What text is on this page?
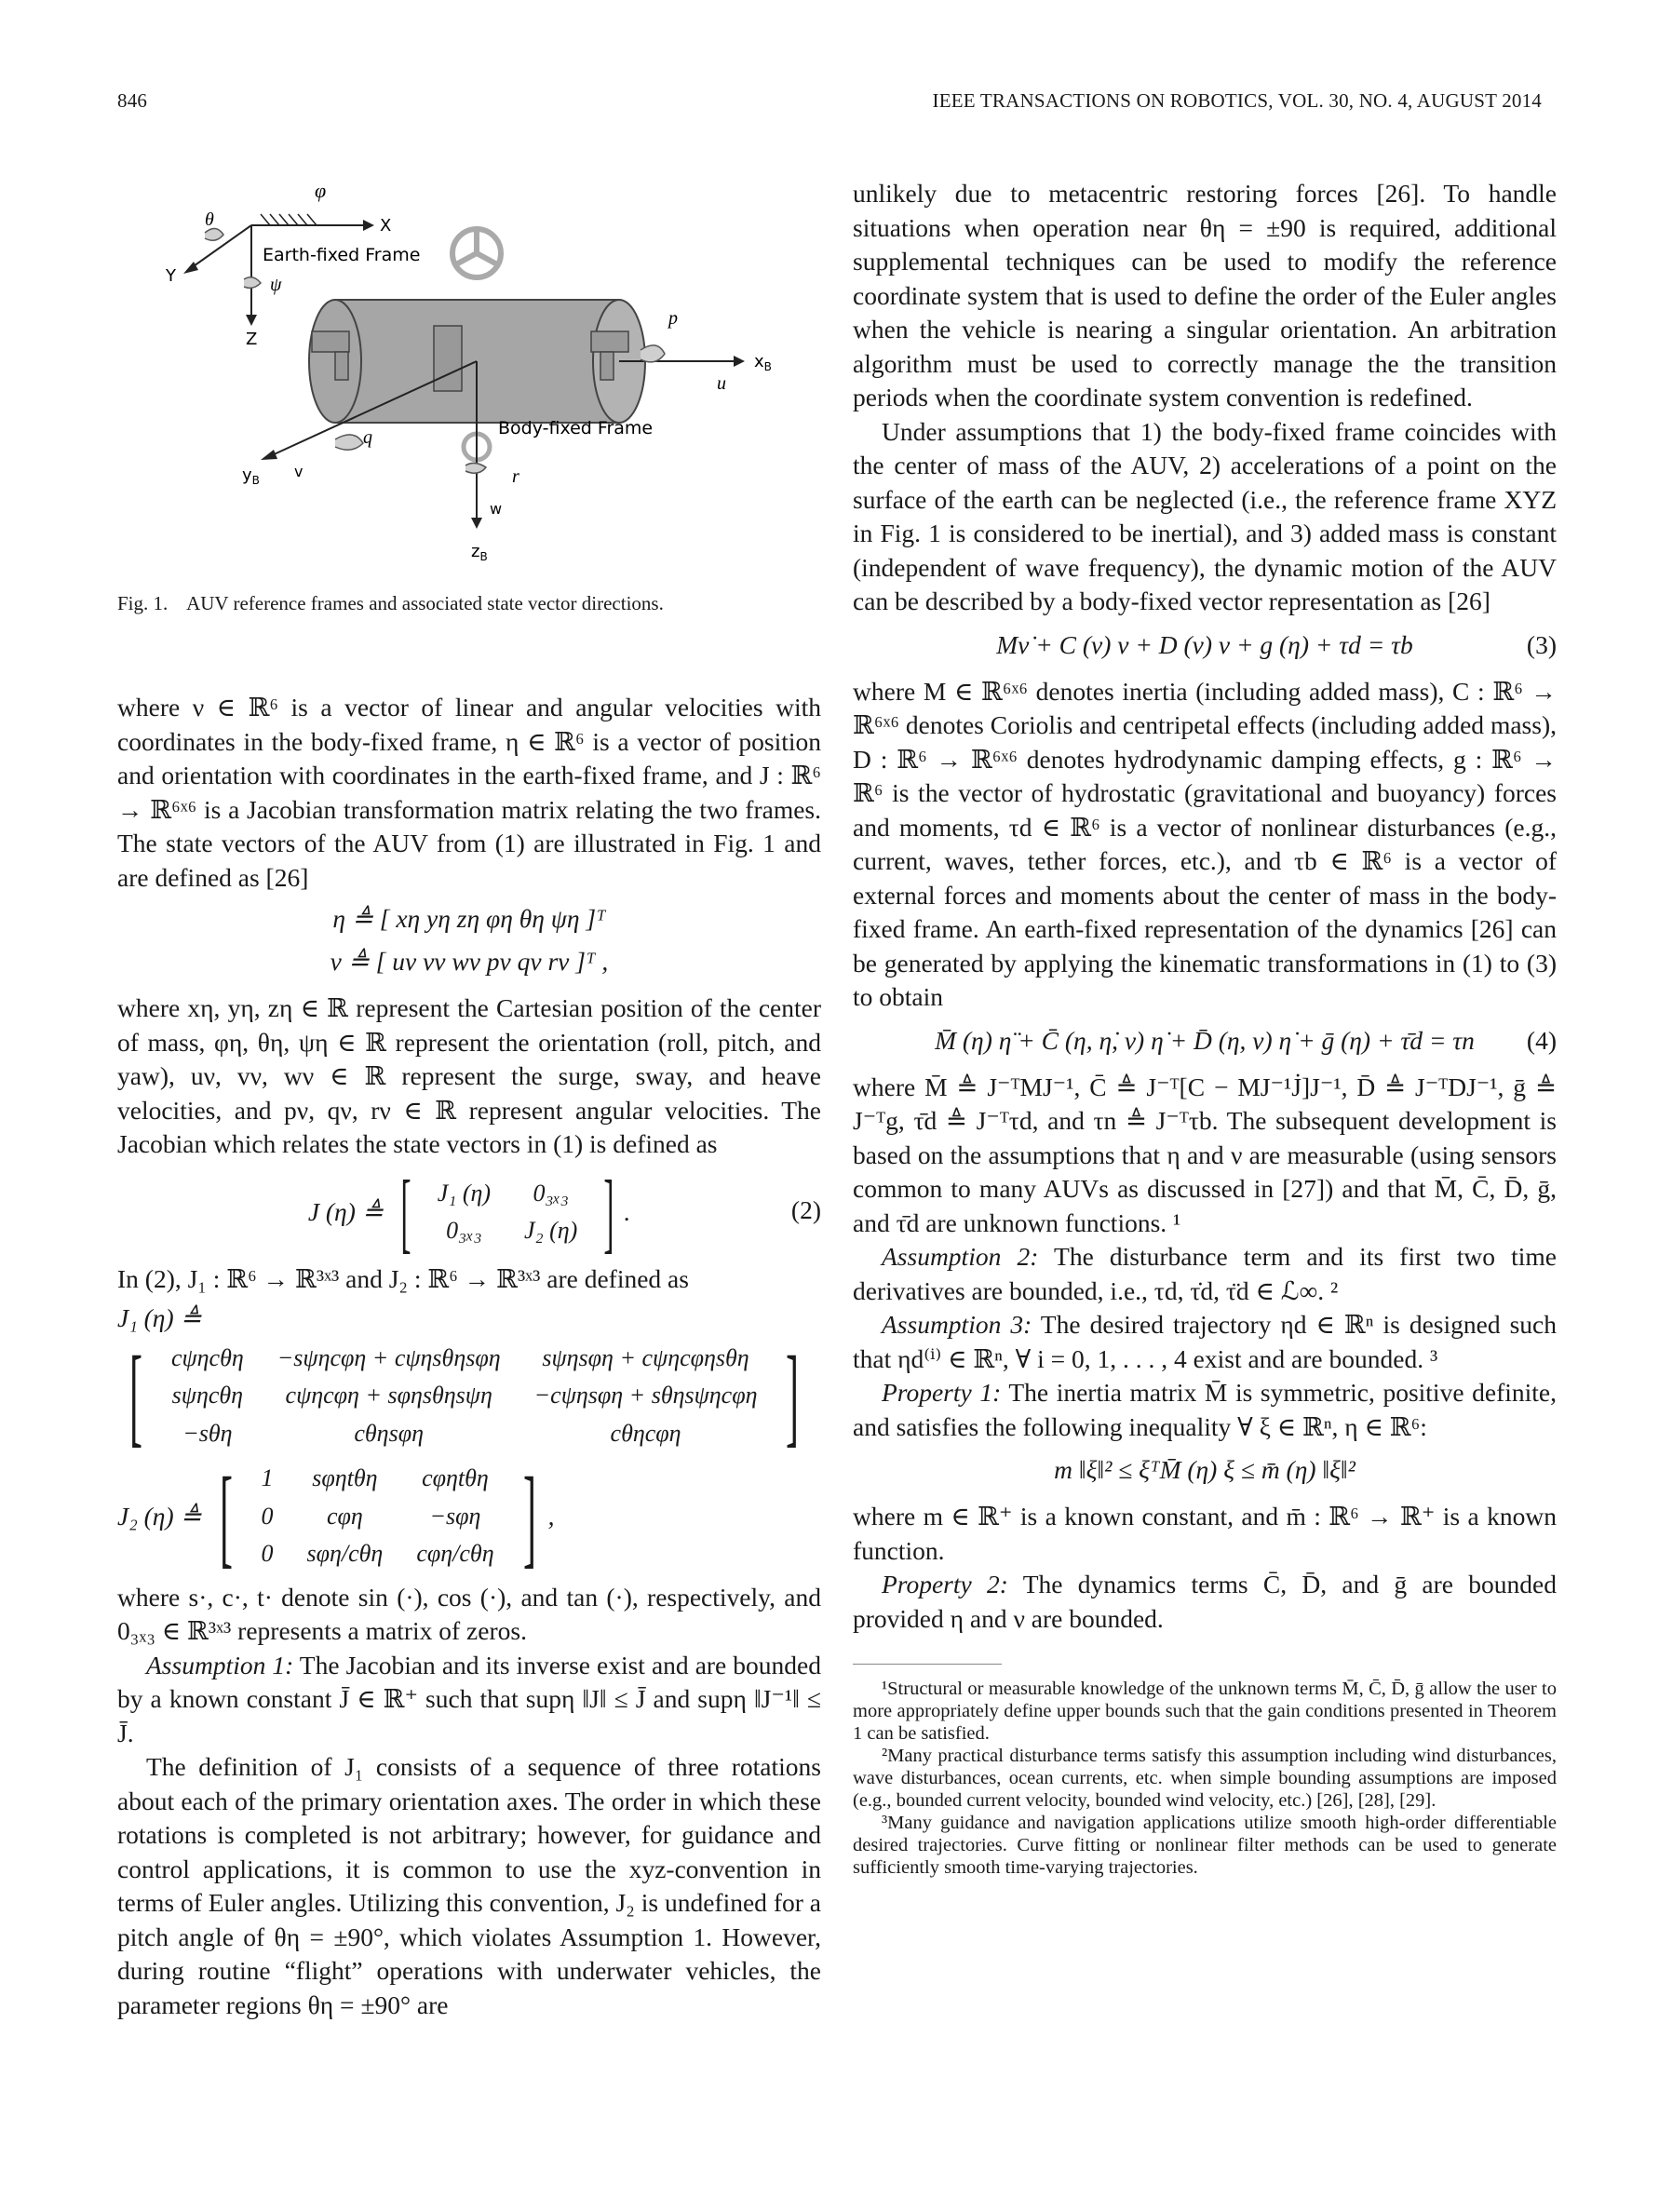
846	IEEE TRANSACTIONS ON ROBOTICS, VOL. 30, NO. 4, AUGUST 2014
φ
θ
ψ
X
Y
Z
Earth-fixed Frame
p
u
$x_B$
q
v
$y_B$	r
w
$z_B$
Body-fixed Frame
Fig. 1.    AUV reference frames and associated state vector directions.

where ν ∈ ℝ⁶ is a vector of linear and angular velocities with coordinates in the body-fixed frame, η ∈ ℝ⁶ is a vector of position and orientation with coordinates in the earth-fixed frame, and J : ℝ⁶ → ℝ⁶ˣ⁶ is a Jacobian transformation matrix relating the two frames. The state vectors of the AUV from (1) are illustrated in Fig. 1 and are defined as [26]

η ≜ [ xη yη zη φη θη ψη ]ᵀ
ν ≜ [ uν vν wν pν qν rν ]ᵀ ,

where xη, yη, zη ∈ ℝ represent the Cartesian position of the center of mass, φη, θη, ψη ∈ ℝ represent the orientation (roll, pitch, and yaw), uν, vν, wν ∈ ℝ represent the surge, sway, and heave velocities, and pν, qν, rν ∈ ℝ represent angular velocities. The Jacobian which relates the state vectors in (1) is defined as

J (η) ≜ [ J₁ (η)	0₃ₓ₃
0₃ₓ₃	J₂ (η) ] .	(2)

In (2), J₁ : ℝ⁶ → ℝ³ˣ³ and J₂ : ℝ⁶ → ℝ³ˣ³ are defined as

J₁ (η) ≜
[ cψηcθη	−sψηcφη + cψηsθηsφη	sψηsφη + cψηcφηsθη
sψηcθη	cψηcφη + sφηsθηsψη	−cψηsφη + sθηsψηcφη
−sθη	cθηsφη	cθηcφη ]
J₂ (η) ≜ [ 1	sφηtθη	cφηtθη
0	cφη	−sφη
0	sφη/cθη	cφη/cθη ] ,

where s·, c·, t· denote sin (·), cos (·), and tan (·), respectively, and 0₃ₓ₃ ∈ ℝ³ˣ³ represents a matrix of zeros.

Assumption 1: The Jacobian and its inverse exist and are bounded by a known constant J̄ ∈ ℝ⁺ such that supη ‖J‖ ≤ J̄ and supη ‖J⁻¹‖ ≤ J̄.

The definition of J₁ consists of a sequence of three rotations about each of the primary orientation axes. The order in which these rotations is completed is not arbitrary; however, for guidance and control applications, it is common to use the xyz-convention in terms of Euler angles. Utilizing this convention, J₂ is undefined for a pitch angle of θη = ±90°, which violates Assumption 1. However, during routine “flight” operations with underwater vehicles, the parameter regions θη = ±90° are

unlikely due to metacentric restoring forces [26]. To handle situations when operation near θη = ±90 is required, additional supplemental techniques can be used to modify the reference coordinate system that is used to define the order of the Euler angles when the vehicle is nearing a singular orientation. An arbitration algorithm must be used to correctly manage the the transition periods when the coordinate system convention is redefined.

Under assumptions that 1) the body-fixed frame coincides with the center of mass of the AUV, 2) accelerations of a point on the surface of the earth can be neglected (i.e., the reference frame XYZ in Fig. 1 is considered to be inertial), and 3) added mass is constant (independent of wave frequency), the dynamic motion of the AUV can be described by a body-fixed vector representation as [26]

Mν̇ + C (ν) ν + D (ν) ν + g (η) + τd = τb	(3)

where M ∈ ℝ⁶ˣ⁶ denotes inertia (including added mass), C : ℝ⁶ → ℝ⁶ˣ⁶ denotes Coriolis and centripetal effects (including added mass), D : ℝ⁶ → ℝ⁶ˣ⁶ denotes hydrodynamic damping effects, g : ℝ⁶ → ℝ⁶ is the vector of hydrostatic (gravitational and buoyancy) forces and moments, τd ∈ ℝ⁶ is a vector of nonlinear disturbances (e.g., current, waves, tether forces, etc.), and τb ∈ ℝ⁶ is a vector of external forces and moments about the center of mass in the body-fixed frame. An earth-fixed representation of the dynamics [26] can be generated by applying the kinematic transformations in (1) to (3) to obtain

M̄ (η) η̈ + C̄ (η, η̇, ν) η̇ + D̄ (η, ν) η̇ + ḡ (η) + τ̄d = τn	(4)

where M̄ ≜ J⁻ᵀMJ⁻¹, C̄ ≜ J⁻ᵀ[C − MJ⁻¹J̇]J⁻¹, D̄ ≜ J⁻ᵀDJ⁻¹, ḡ ≜ J⁻ᵀg, τ̄d ≜ J⁻ᵀτd, and τn ≜ J⁻ᵀτb. The subsequent development is based on the assumptions that η and ν are measurable (using sensors common to many AUVs as discussed in [27]) and that M̄, C̄, D̄, ḡ, and τ̄d are unknown functions. ¹

Assumption 2: The disturbance term and its first two time derivatives are bounded, i.e., τd, τ̇d, τ̈d ∈ ℒ∞. ²

Assumption 3: The desired trajectory ηd ∈ ℝⁿ is designed such that ηd⁽ⁱ⁾ ∈ ℝⁿ, ∀ i = 0, 1, . . . , 4 exist and are bounded. ³

Property 1: The inertia matrix M̄ is symmetric, positive definite, and satisfies the following inequality ∀ ξ ∈ ℝⁿ, η ∈ ℝ⁶:

m ‖ξ‖² ≤ ξᵀM̄ (η) ξ ≤ m̄ (η) ‖ξ‖²

where m ∈ ℝ⁺ is a known constant, and m̄ : ℝ⁶ → ℝ⁺ is a known function.

Property 2: The dynamics terms C̄, D̄, and ḡ are bounded provided η and ν are bounded.

¹Structural or measurable knowledge of the unknown terms M̄, C̄, D̄, ḡ allow the user to more appropriately define upper bounds such that the gain conditions presented in Theorem 1 can be satisfied.

²Many practical disturbance terms satisfy this assumption including wind disturbances, wave disturbances, ocean currents, etc. when simple bounding assumptions are imposed (e.g., bounded current velocity, bounded wind velocity, etc.) [26], [28], [29].

³Many guidance and navigation applications utilize smooth high-order differentiable desired trajectories. Curve fitting or nonlinear filter methods can be used to generate sufficiently smooth time-varying trajectories.
